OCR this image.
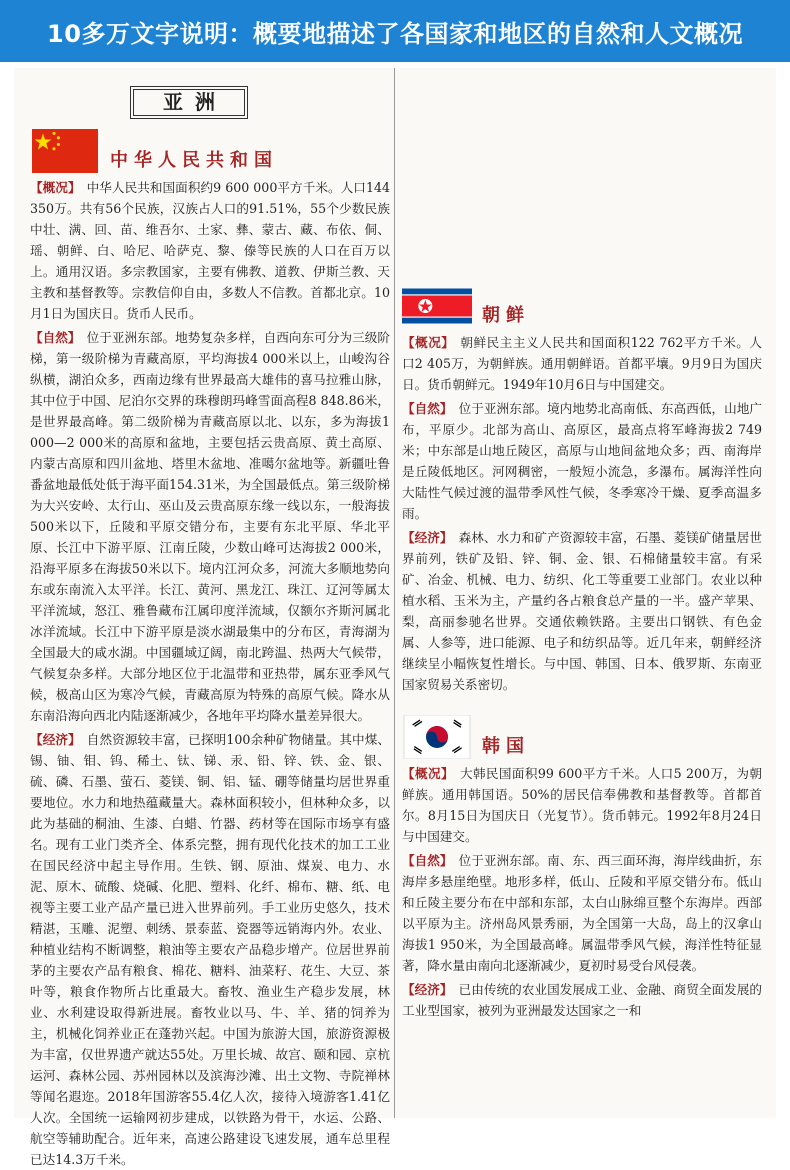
10多万文字说明：概要地描述了各国家和地区的自然和人文概况
亚洲
中华人民共和国

【概况】 中华人民共和国面积约9 600 000平方千米。人口144 350万。共有56个民族，汉族占人口的91.51%，55个少数民族中壮、满、回、苗、维吾尔、土家、彝、蒙古、藏、布依、侗、瑶、朝鲜、白、哈尼、哈萨克、黎、傣等民族的人口在百万以上。通用汉语。多宗教国家，主要有佛教、道教、伊斯兰教、天主教和基督教等。宗教信仰自由，多数人不信教。首都北京。10月1日为国庆日。货币人民币。

【自然】 位于亚洲东部。地势复杂多样，自西向东可分为三级阶梯，第一级阶梯为青藏高原，平均海拔4 000米以上，山峻沟谷纵横，湖泊众多，西南边缘有世界最高大雄伟的喜马拉雅山脉，其中位于中国、尼泊尔交界的珠穆朗玛峰雪面高程8 848.86米，是世界最高峰。第二级阶梯为青藏高原以北、以东，多为海拔1 000—2 000米的高原和盆地，主要包括云贵高原、黄土高原、内蒙古高原和四川盆地、塔里木盆地、准噶尔盆地等。新疆吐鲁番盆地最低处低于海平面154.31米，为全国最低点。第三级阶梯为大兴安岭、太行山、巫山及云贵高原东缘一线以东，一般海拔500米以下，丘陵和平原交错分布，主要有东北平原、华北平原、长江中下游平原、江南丘陵，少数山峰可达海拔2 000米，沿海平原多在海拔50米以下。境内江河众多，河流大多顺地势向东或东南流入太平洋。长江、黄河、黑龙江、珠江、辽河等属太平洋流域，怒江、雅鲁藏布江属印度洋流域，仅额尔齐斯河属北冰洋流域。长江中下游平原是淡水湖最集中的分布区，青海湖为全国最大的咸水湖。中国疆域辽阔，南北跨温、热两大气候带，气候复杂多样。大部分地区位于北温带和亚热带，属东亚季风气候，极高山区为寒冷气候，青藏高原为特殊的高原气候。降水从东南沿海向西北内陆逐渐减少，各地年平均降水量差异很大。

【经济】 自然资源较丰富，已探明100余种矿物储量。其中煤、锡、铀、钼、钨、稀土、钛、锑、汞、铅、锌、铁、金、银、硫、磷、石墨、萤石、菱镁、铜、铝、锰、硼等储量均居世界重要地位。水力和地热蕴藏量大。森林面积较小，但林种众多，以此为基础的桐油、生漆、白蜡、竹器、药材等在国际市场享有盛名。现有工业门类齐全、体系完整，拥有现代化技术的加工工业在国民经济中起主导作用。生铁、钢、原油、煤炭、电力、水泥、原木、硫酸、烧碱、化肥、塑料、化纤、棉布、糖、纸、电视等主要工业产品产量已进入世界前列。手工业历史悠久，技术精湛，玉雕、泥塑、刺绣、景泰蓝、瓷器等远销海内外。农业、种植业结构不断调整，粮油等主要农产品稳步增产。位居世界前茅的主要农产品有粮食、棉花、糖料、油菜籽、花生、大豆、茶叶等，粮食作物所占比重最大。畜牧、渔业生产稳步发展，林业、水利建设取得新进展。畜牧业以马、牛、羊、猪的饲养为主，机械化饲养业正在蓬勃兴起。中国为旅游大国，旅游资源极为丰富，仅世界遗产就达55处。万里长城、故宫、颐和园、京杭运河、森林公园、苏州园林以及滨海沙滩、出土文物、寺院禅林等闻名遐迩。2018年国游客55.4亿人次，接待入境游客1.41亿人次。全国统一运输网初步建成，以铁路为骨干，水运、公路、航空等辅助配合。近年来，高速公路建设飞速发展，通车总里程已达14.3万千米。

朝鲜

【概况】 朝鲜民主主义人民共和国面积122 762平方千米。人口2 405万，为朝鲜族。通用朝鲜语。首都平壤。9月9日为国庆日。货币朝鲜元。1949年10月6日与中国建交。

【自然】 位于亚洲东部。境内地势北高南低、东高西低，山地广布，平原少。北部为高山、高原区，最高点将军峰海拔2 749米；中东部是山地丘陵区，高原与山地间盆地众多；西、南海岸是丘陵低地区。河网稠密，一般短小流急，多瀑布。属海洋性向大陆性气候过渡的温带季风性气候，冬季寒冷干燥、夏季高温多雨。

【经济】 森林、水力和矿产资源较丰富，石墨、菱镁矿储量居世界前列，铁矿及铅、锌、铜、金、银、石棉储量较丰富。有采矿、冶金、机械、电力、纺织、化工等重要工业部门。农业以种植水稻、玉米为主，产量约各占粮食总产量的一半。盛产苹果、梨，高丽参驰名世界。交通依赖铁路。主要出口钢铁、有色金属、人参等，进口能源、电子和纺织品等。近几年来，朝鲜经济继续呈小幅恢复性增长。与中国、韩国、日本、俄罗斯、东南亚国家贸易关系密切。

韩国

【概况】 大韩民国面积99 600平方千米。人口5 200万，为朝鲜族。通用韩国语。50%的居民信奉佛教和基督教等。首都首尔。8月15日为国庆日（光复节）。货币韩元。1992年8月24日与中国建交。

【自然】 位于亚洲东部。南、东、西三面环海，海岸线曲折，东海岸多悬崖绝壁。地形多样，低山、丘陵和平原交错分布。低山和丘陵主要分布在中部和东部，太白山脉绵亘整个东海岸。西部以平原为主。济州岛风景秀丽，为全国第一大岛，岛上的汉拿山海拔1 950米，为全国最高峰。属温带季风气候，海洋性特征显著，降水量由南向北逐渐减少，夏初时易受台风侵袭。

【经济】 已由传统的农业国发展成工业、金融、商贸全面发展的工业型国家，被列为亚洲最发达国家之一和
